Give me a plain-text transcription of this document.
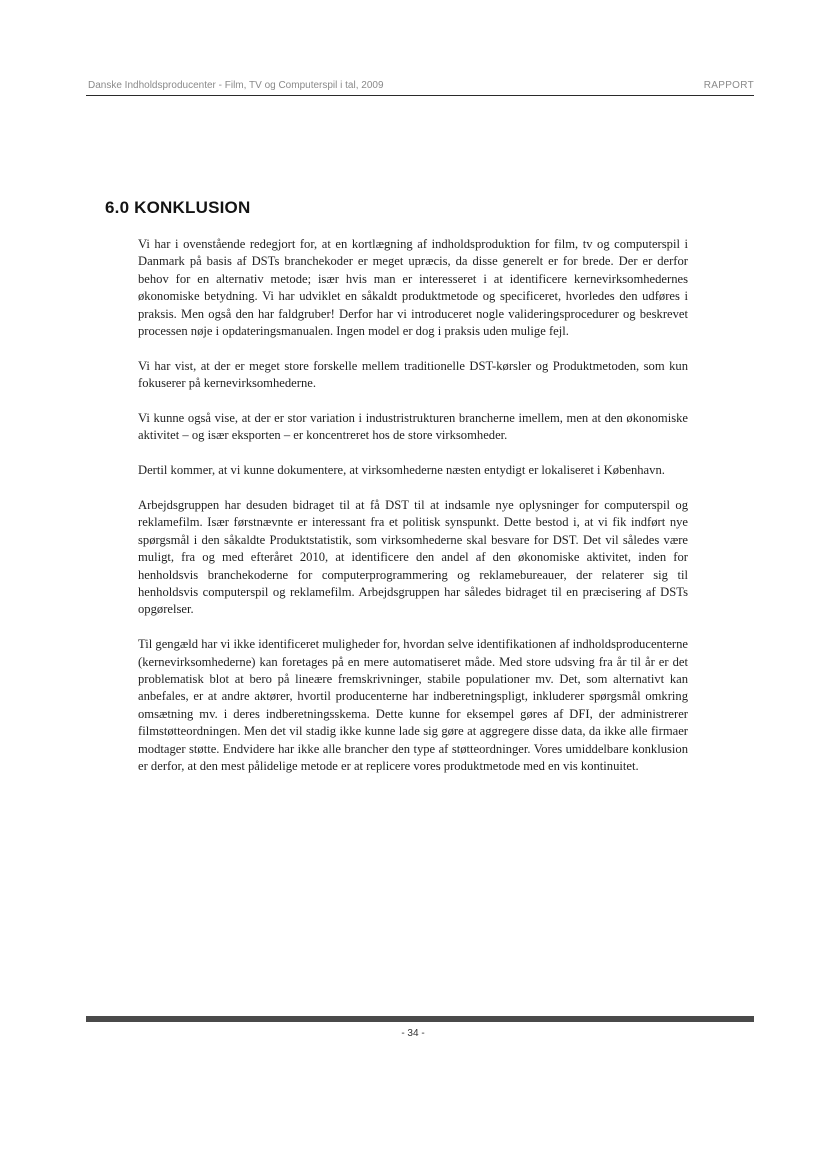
Danske Indholdsproducenter - Film, TV og Computerspil i tal, 2009	RAPPORT
6.0 KONKLUSION

Vi har i ovenstående redegjort for, at en kortlægning af indholdsproduktion for film, tv og computerspil i Danmark på basis af DSTs branchekoder er meget upræcis, da disse generelt er for brede. Der er derfor behov for en alternativ metode; især hvis man er interesseret i at identificere kernevirksomhedernes økonomiske betydning. Vi har udviklet en såkaldt produktmetode og specificeret, hvorledes den udføres i praksis. Men også den har faldgruber! Derfor har vi introduceret nogle valideringsprocedurer og beskrevet processen nøje i opdateringsmanualen. Ingen model er dog i praksis uden mulige fejl.

Vi har vist, at der er meget store forskelle mellem traditionelle DST-kørsler og Produktmetoden, som kun fokuserer på kernevirksomhederne.

Vi kunne også vise, at der er stor variation i industristrukturen brancherne imellem, men at den økonomiske aktivitet – og især eksporten – er koncentreret hos de store virksomheder.

Dertil kommer, at vi kunne dokumentere, at virksomhederne næsten entydigt er lokaliseret i København.

Arbejdsgruppen har desuden bidraget til at få DST til at indsamle nye oplysninger for computerspil og reklamefilm. Især førstnævnte er interessant fra et politisk synspunkt. Dette bestod i, at vi fik indført nye spørgsmål i den såkaldte Produktstatistik, som virksomhederne skal besvare for DST. Det vil således være muligt, fra og med efteråret 2010, at identificere den andel af den økonomiske aktivitet, inden for henholdsvis branchekoderne for computerprogrammering og reklamebureauer, der relaterer sig til henholdsvis computerspil og reklamefilm. Arbejdsgruppen har således bidraget til en præcisering af DSTs opgørelser.

Til gengæld har vi ikke identificeret muligheder for, hvordan selve identifikationen af indholdsproducenterne (kernevirksomhederne) kan foretages på en mere automatiseret måde. Med store udsving fra år til år er det problematisk blot at bero på lineære fremskrivninger, stabile populationer mv. Det, som alternativt kan anbefales, er at andre aktører, hvortil producenterne har indberetningspligt, inkluderer spørgsmål omkring omsætning mv. i deres indberetningsskema. Dette kunne for eksempel gøres af DFI, der administrerer filmstøtteordningen. Men det vil stadig ikke kunne lade sig gøre at aggregere disse data, da ikke alle firmaer modtager støtte. Endvidere har ikke alle brancher den type af støtteordninger. Vores umiddelbare konklusion er derfor, at den mest pålidelige metode er at replicere vores produktmetode med en vis kontinuitet.

- 34 -
